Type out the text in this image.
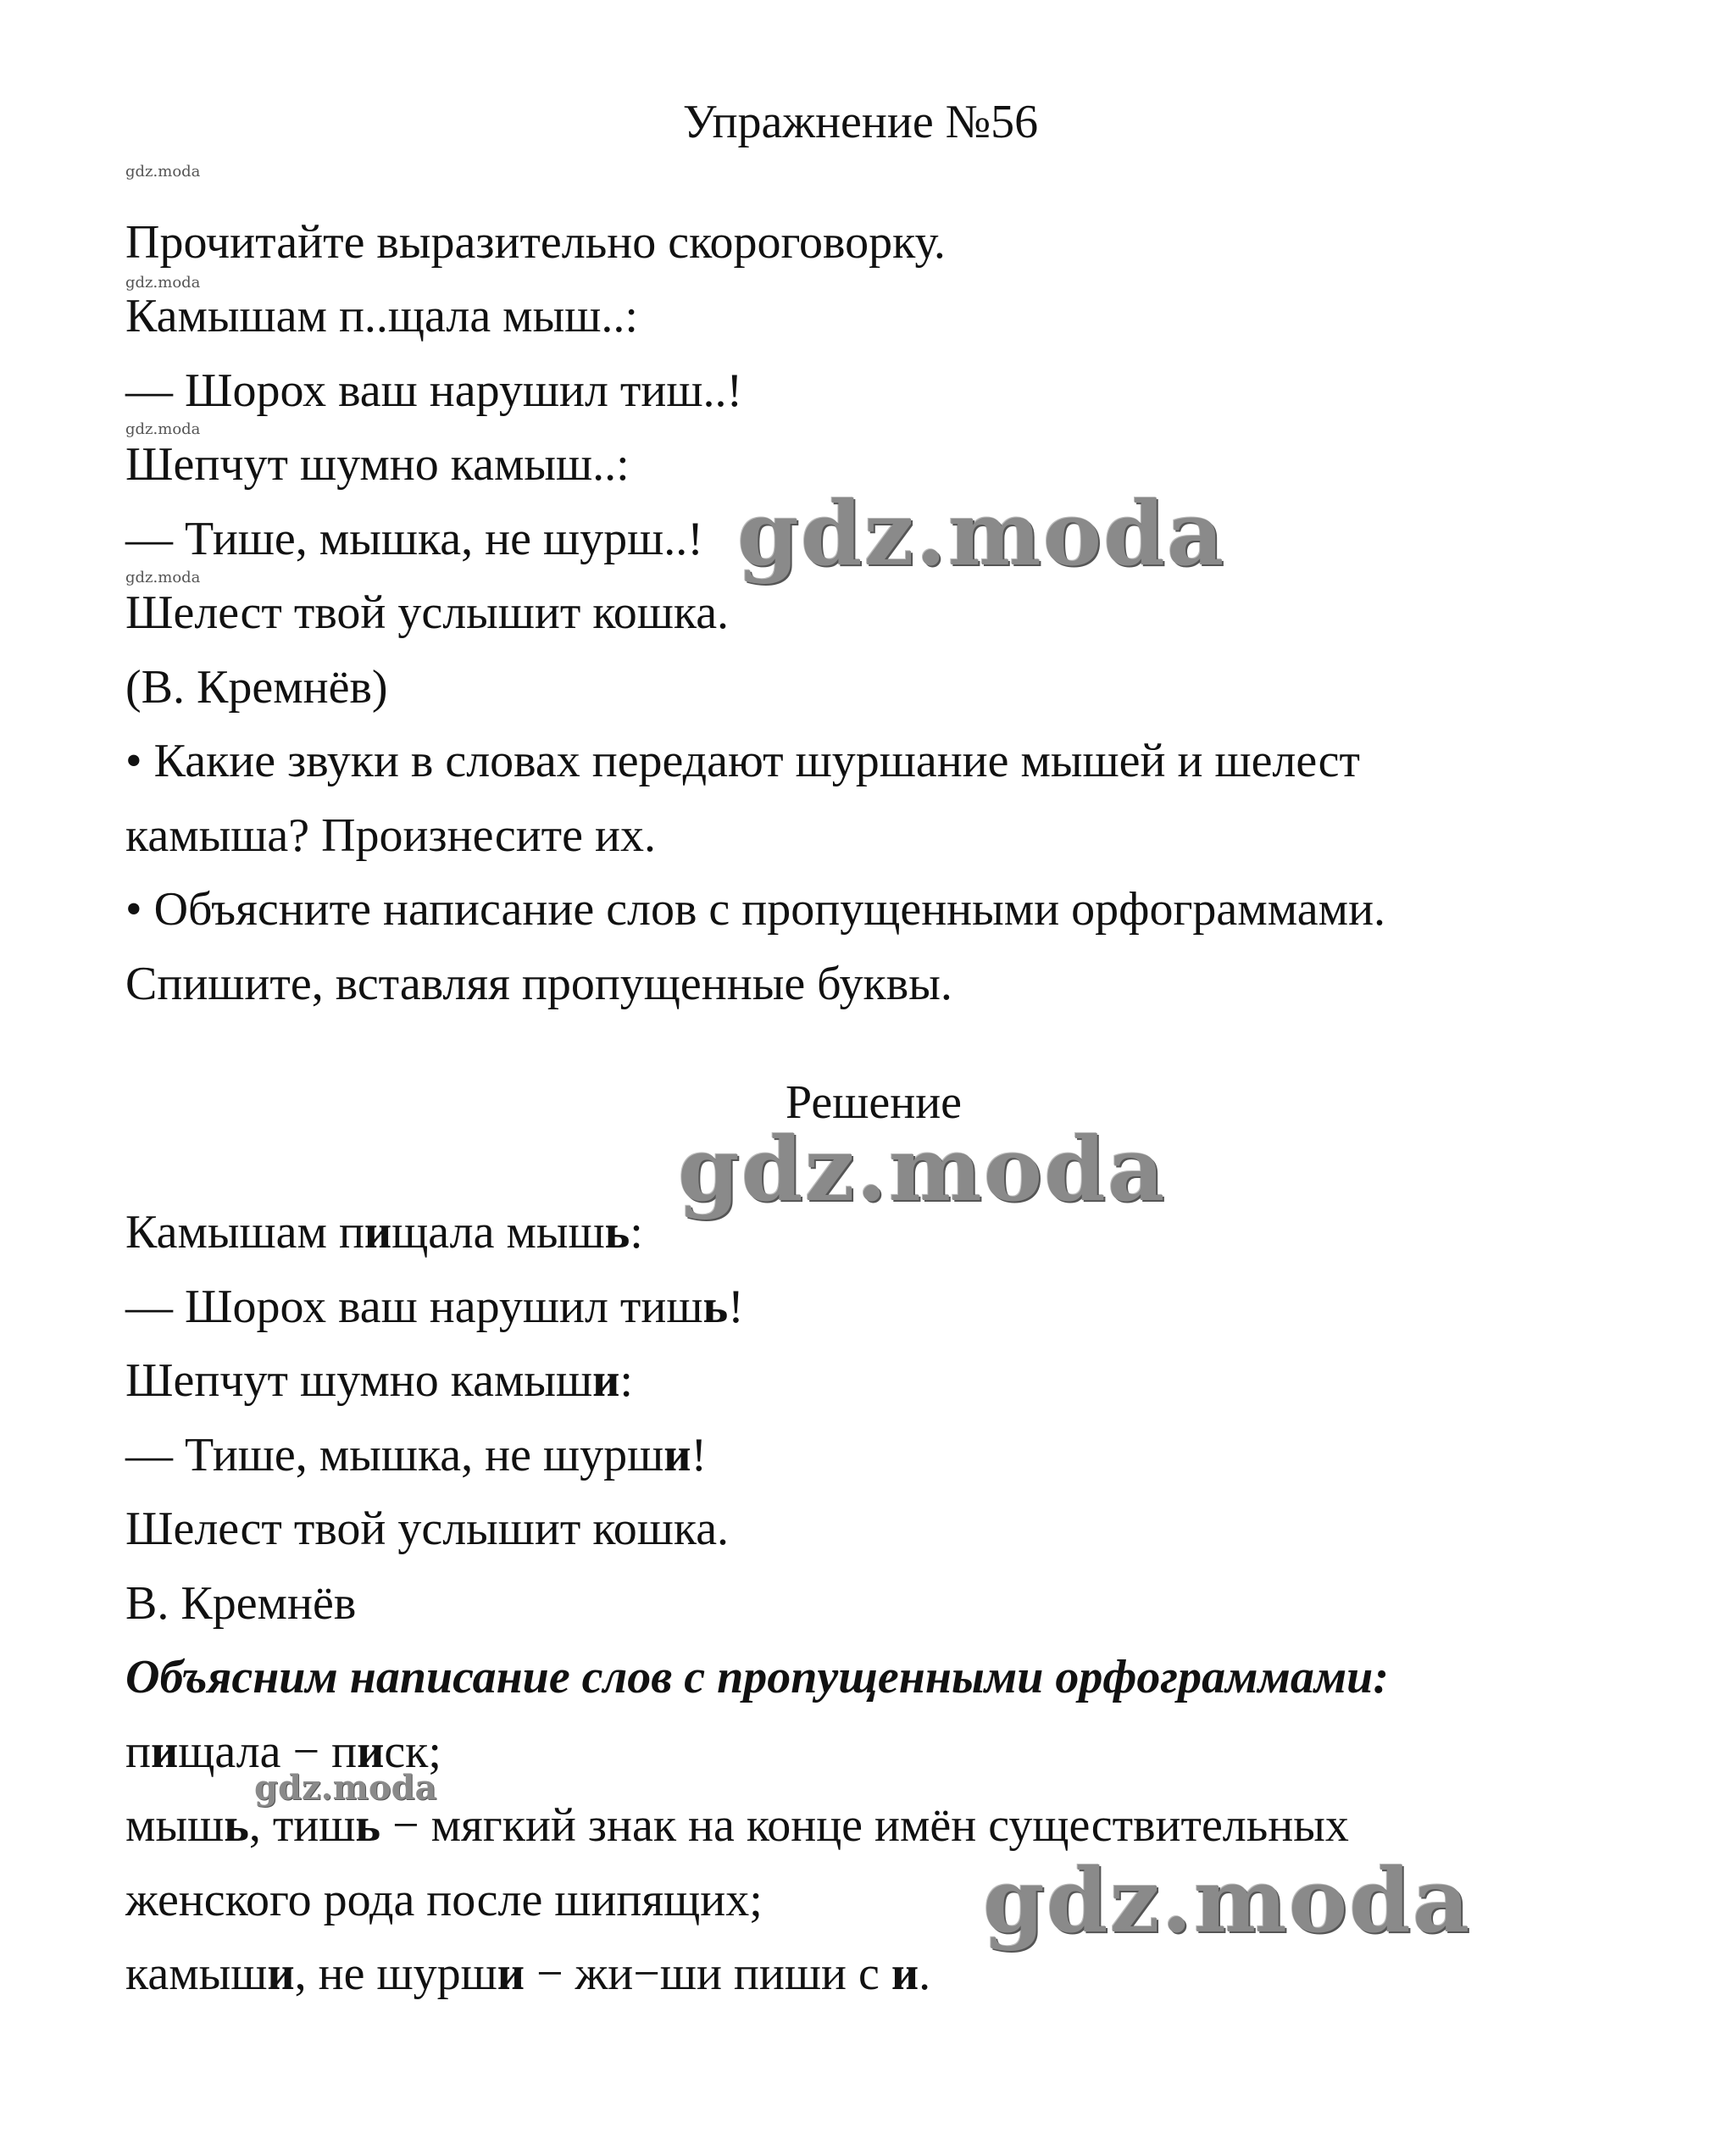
Упражнение №56
gdz.moda
gdz.moda
gdz.moda
gdz.moda
Прочитайте выразительно скороговорку.
Камышам п..щала мыш..:
— Шорох ваш нарушил тиш..!
Шепчут шумно камыш..:
— Тише, мышка, не шурш..!
Шелест твой услышит кошка.
(В. Кремнёв)
• Какие звуки в словах передают шуршание мышей и шелест
камыша? Произнесите их.
• Объясните написание слов с пропущенными орфограммами.
Спишите, вставляя пропущенные буквы.
gdz.moda
Решение
gdz.moda
Камышам пищала мышь:
— Шорох ваш нарушил тишь!
Шепчут шумно камыши:
— Тише, мышка, не шурши!
Шелест твой услышит кошка.
В. Кремнёв
Объясним написание слов с пропущенными орфограммами:
пищала − писк;
gdz.moda
мышь, тишь − мягкий знак на конце имён существительных
женского рода после шипящих;	gdz.moda
камыши, не шурши − жи−ши пиши с и.
